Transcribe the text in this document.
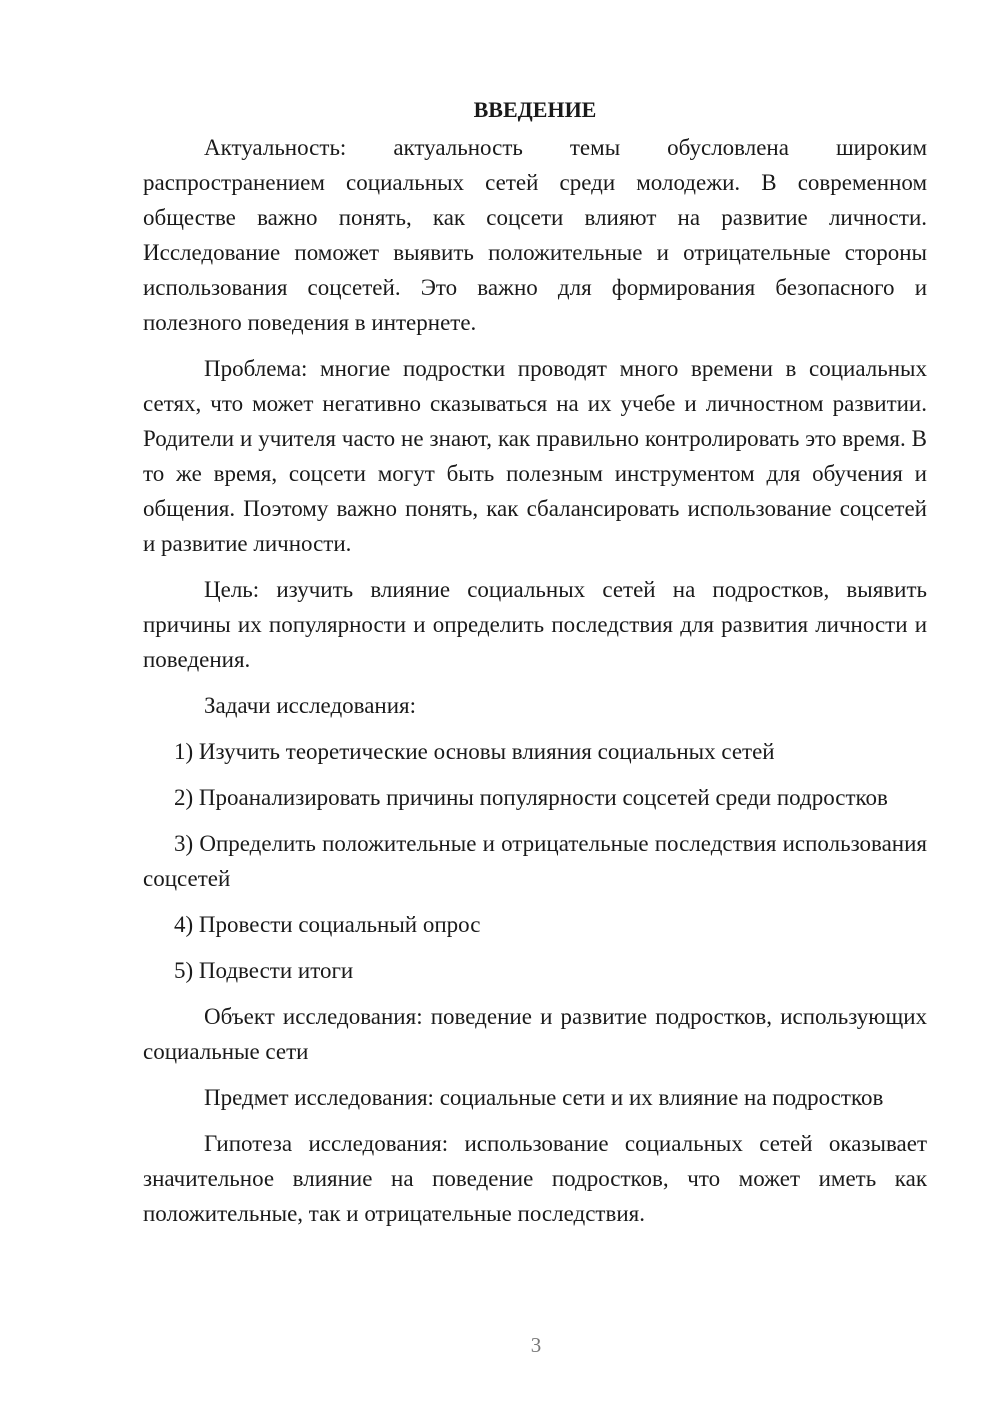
ВВЕДЕНИЕ

Актуальность: актуальность темы обусловлена широким распространением социальных сетей среди молодежи. В современном обществе важно понять, как соцсети влияют на развитие личности. Исследование поможет выявить положительные и отрицательные стороны использования соцсетей. Это важно для формирования безопасного и полезного поведения в интернете.

Проблема: многие подростки проводят много времени в социальных сетях, что может негативно сказываться на их учебе и личностном развитии. Родители и учителя часто не знают, как правильно контролировать это время. В то же время, соцсети могут быть полезным инструментом для обучения и общения. Поэтому важно понять, как сбалансировать использование соцсетей и развитие личности.

Цель: изучить влияние социальных сетей на подростков, выявить причины их популярности и определить последствия для развития личности и поведения.

Задачи исследования:

1) Изучить теоретические основы влияния социальных сетей

2) Проанализировать причины популярности соцсетей среди подростков

3) Определить положительные и отрицательные последствия использования соцсетей

4) Провести социальный опрос

5) Подвести итоги

Объект исследования: поведение и развитие подростков, использующих социальные сети

Предмет исследования: социальные сети и их влияние на подростков

Гипотеза исследования: использование социальных сетей оказывает значительное влияние на поведение подростков, что может иметь как положительные, так и отрицательные последствия.

3
